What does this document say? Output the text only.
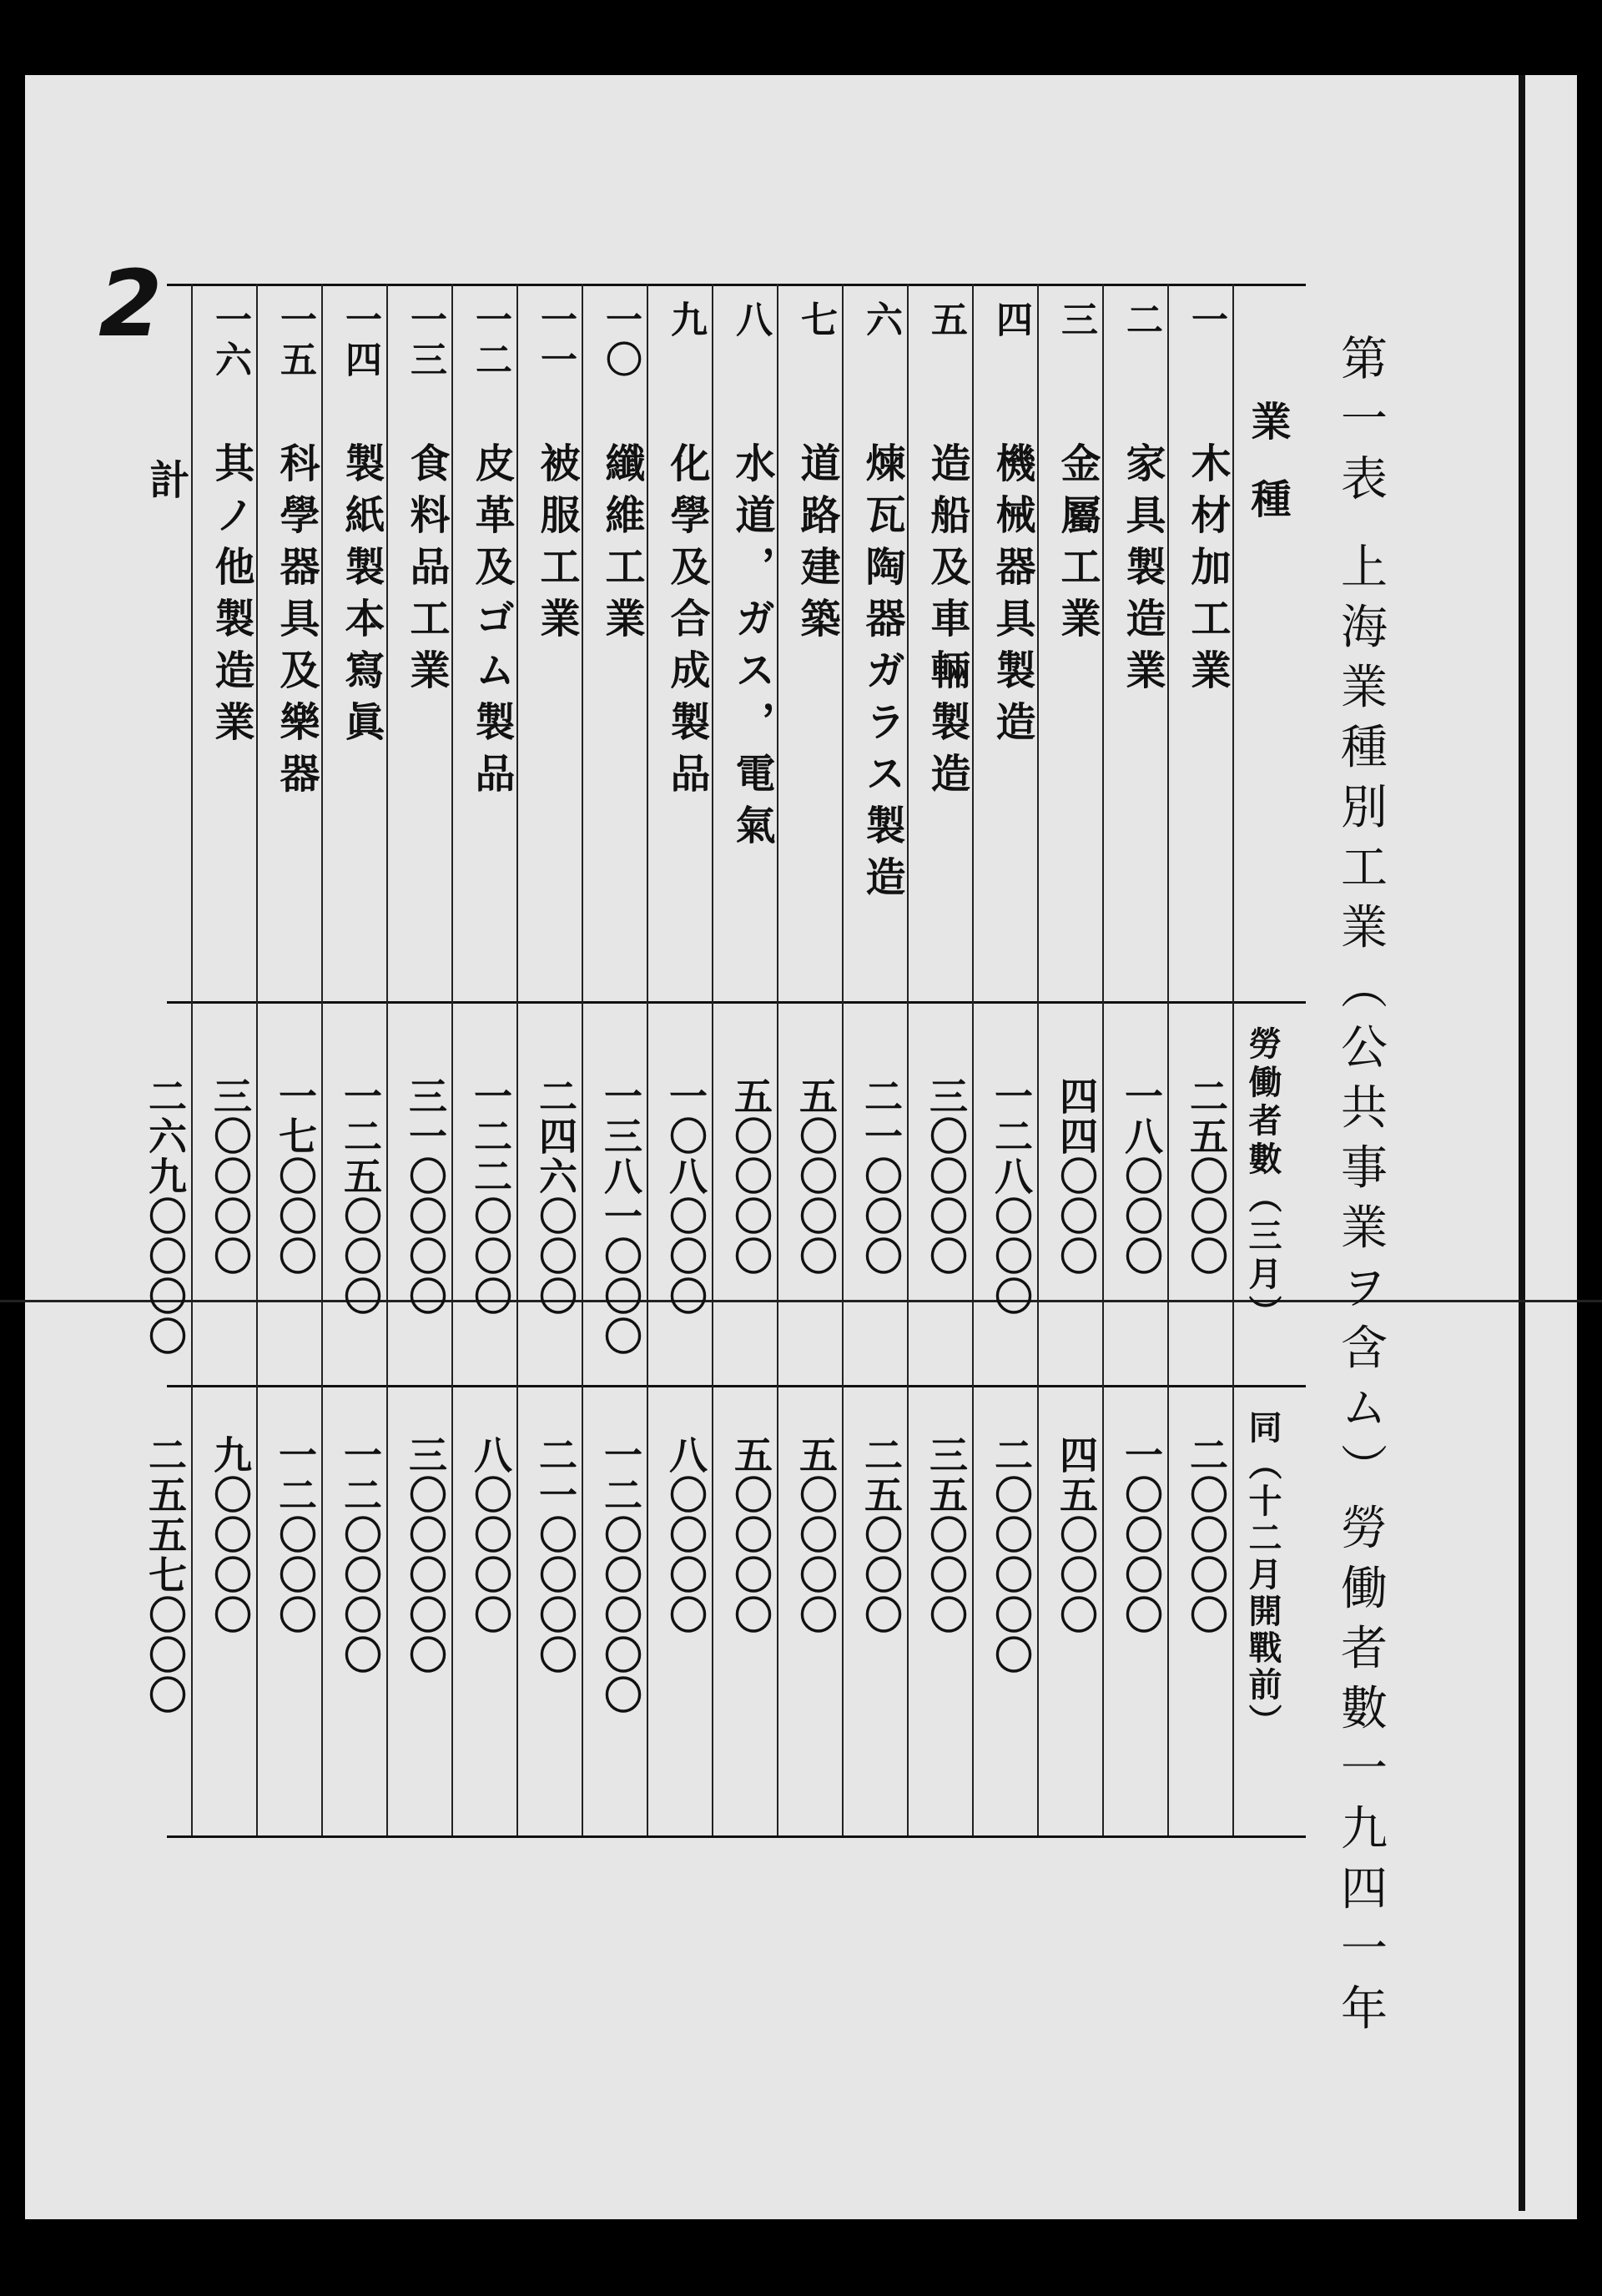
2
第一表 上海業種別工業（公共事業ヲ含ム）勞働者數一九四一年
業 種
勞働者數（三月）
同（十二月開戰前）
一
木材加工業
二五〇〇〇
二〇〇〇〇
二
家具製造業
一八〇〇〇
一〇〇〇〇
三
金屬工業
四四〇〇〇
四五〇〇〇
四
機械器具製造
一二八〇〇〇
二〇〇〇〇〇
五
造船及車輛製造
三〇〇〇〇
三五〇〇〇
六
煉瓦陶器ガラス製造
二一〇〇〇
二五〇〇〇
七
道路建築
五〇〇〇〇
五〇〇〇〇
八
水道，ガス，電氣
五〇〇〇〇
五〇〇〇〇
九
化學及合成製品
一〇八〇〇〇
八〇〇〇〇
一〇
纖維工業
一三八一〇〇〇
一二〇〇〇〇〇
一一
被服工業
二四六〇〇〇
二一〇〇〇〇
一二
皮革及ゴム製品
一二二〇〇〇
八〇〇〇〇
一三
食料品工業
三一〇〇〇〇
三〇〇〇〇〇
一四
製紙製本寫眞
一二五〇〇〇
一二〇〇〇〇
一五
科學器具及樂器
一七〇〇〇
一二〇〇〇
一六
其ノ他製造業
三〇〇〇〇
九〇〇〇〇
計
二六九〇〇〇〇
二五五七〇〇〇
